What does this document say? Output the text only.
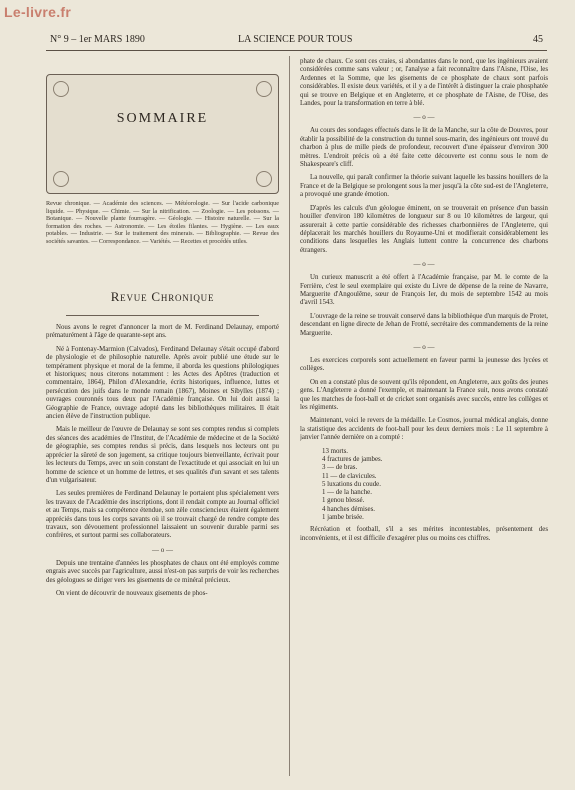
Le-livre.fr
N° 9 – 1er MARS 1890	LA SCIENCE POUR TOUS	45
SOMMAIRE
Revue chronique. — Académie des sciences. — Météorologie. — Sur l'acide carbonique liquide. — Physique. — Chimie. — Sur la nitrification. — Zoologie. — Les poissons. — Botanique. — Nouvelle plante fourragère. — Géologie. — Histoire naturelle. — Sur la formation des roches. — Astronomie. — Les étoiles filantes. — Hygiène. — Les eaux potables. — Industrie. — Sur le traitement des minerais. — Bibliographie. — Revue des sociétés savantes. — Correspondance. — Variétés. — Recettes et procédés utiles.
Revue Chronique

Nous avons le regret d'annoncer la mort de M. Ferdinand Delaunay, emporté prématurément à l'âge de quarante-sept ans.

Né à Fontenay-Marmion (Calvados), Ferdinand Delaunay s'était occupé d'abord de physiologie et de philosophie naturelle. Après avoir publié une étude sur le tempérament physique et moral de la femme, il aborda les questions philologiques et historiques; nous citerons notamment : les Actes des Apôtres (traduction et commentaire, 1864), Philon d'Alexandrie, écrits historiques, influence, luttes et persécution des juifs dans le monde romain (1867), Moines et Sibylles (1874) ; ouvrages couronnés tous deux par l'Académie française. On lui doit aussi la Géographie de France, ouvrage adopté dans les bibliothèques militaires. Il était ancien élève de l'instruction publique.

Mais le meilleur de l'œuvre de Delaunay se sont ses comptes rendus si complets des séances des académies de l'Institut, de l'Académie de médecine et de la Société de géographie, ses comptes rendus si précis, dans lesquels nos lecteurs ont pu apprécier la sûreté de son jugement, sa critique toujours bienveillante, écrivait pour les lecteurs du Temps, avec un soin constant de l'exactitude et qui associait en lui un homme de science et un homme de lettres, et ses qualités d'un savant et ses talents d'un vulgarisateur.

Les seules premières de Ferdinand Delaunay le portaient plus spécialement vers les travaux de l'Académie des inscriptions, dont il rendait compte au Journal officiel et au Temps, mais sa compétence étendue, son zèle consciencieux étaient également appréciés dans tous les corps savants où il se trouvait chargé de rendre compte des travaux, son dévouement professionnel laissaient un souvenir durable parmi ses confrères, et surtout parmi ses collaborateurs.

— o —

Depuis une trentaine d'années les phosphates de chaux ont été employés comme engrais avec succès par l'agriculture, aussi n'est-on pas surpris de voir les recherches des géologues se diriger vers les gisements de ce minéral précieux.

On vient de découvrir de nouveaux gisements de phos-

phate de chaux. Ce sont ces craies, si abondantes dans le nord, que les ingénieurs avaient considérées comme sans valeur ; or, l'analyse a fait reconnaître dans l'Aisne, l'Oise, les Ardennes et la Somme, que les gisements de ce phosphate de chaux sont parfois considérables. Il existe deux variétés, et il y a de l'intérêt à distinguer la craie phosphatée qui se trouve en Belgique et en Angleterre, et ce phosphate de l'Aisne, de l'Oise, des Landes, pour la transformation en terre à blé.

— o —

Au cours des sondages effectués dans le lit de la Manche, sur la côte de Douvres, pour établir la possibilité de la construction du tunnel sous-marin, des ingénieurs ont trouvé du charbon à plus de mille pieds de profondeur, recouvert d'une épaisseur d'environ 300 mètres. L'endroit précis où a été faite cette découverte est connu sous le nom de Shakespeare's cliff.

La nouvelle, qui paraît confirmer la théorie suivant laquelle les bassins houillers de la France et de la Belgique se prolongent sous la mer jusqu'à la côte sud-est de l'Angleterre, a provoqué une grande émotion.

D'après les calculs d'un géologue éminent, on se trouverait en présence d'un bassin houiller d'environ 180 kilomètres de longueur sur 8 ou 10 kilomètres de largeur, qui assurerait à cette partie considérable des richesses charbonnières de l'Angleterre, qui déplacerait les marchés houillers du Royaume-Uni et modifierait considérablement les conditions dans lesquelles les Anglais luttent contre la concurrence des charbons étrangers.

— o —

Un curieux manuscrit a été offert à l'Académie française, par M. le comte de la Ferrière, c'est le seul exemplaire qui existe du Livre de dépense de la reine de Navarre, Marguerite d'Angoulême, sœur de François Ier, du mois de septembre 1542 au mois d'avril 1543.

L'ouvrage de la reine se trouvait conservé dans la bibliothèque d'un marquis de Protet, descendant en ligne directe de Jehan de Frotté, secrétaire des commandements de la reine Marguerite.

— o —

Les exercices corporels sont actuellement en faveur parmi la jeunesse des lycées et collèges.

On en a constaté plus de souvent qu'ils répondent, en Angleterre, aux goûts des jeunes gens. L'Angleterre a donné l'exemple, et maintenant la France suit, nous avons constaté que les matches de foot-ball et de cricket sont organisés avec succès, entre les collèges et les régiments.

Maintenant, voici le revers de la médaille. Le Cosmos, journal médical anglais, donne la statistique des accidents de foot-ball pour les deux derniers mois : Le 11 septembre à janvier l'année dernière on a compté :

13 morts.
4 fractures de jambes.
3 — de bras.
11 — de clavicules.
5 luxations du coude.
1 — de la hanche.
1 genou blessé.
4 hanches démises.
1 jambe brisée.

Récréation et football, s'il a ses mérites incontestables, présentement des inconvénients, et il est difficile d'exagérer plus ou moins ces chiffres.
